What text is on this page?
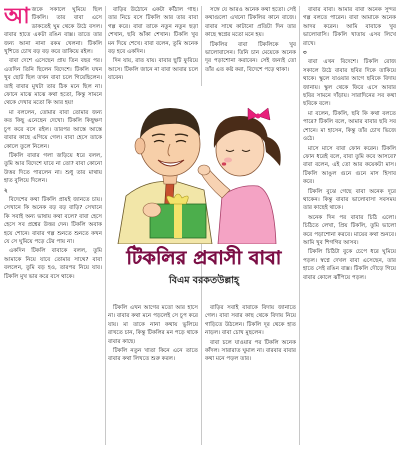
আজকে সকালে ঘুমিয়ে ছিল টিকলি। তার বাবা এসে ডাকতেই ঘুম থেকে উঠে বসল। বাবার হাতে একটা রঙিন বাক্স। তাতে তার জন্য আনা নানা রকম খেলনা। টিকলি খুশিতে চোখ বড় বড় করে তাকিয়ে রইল।

বাবা দেশে এসেছেন প্রায় তিন বছর পর। এতদিন তিনি ছিলেন বিদেশে। টিকলি যখন খুব ছোট ছিল তখন বাবা চলে গিয়েছিলেন। তাই বাবার মুখটা তার ঠিক মনে ছিল না। ফোনে মাঝে মাঝে কথা হতো, কিন্তু সামনে থেকে দেখার মতো কি আর হয়!

মা বললেন, তোমার বাবা তোমার জন্য কত কিছু এনেছেন দেখো। টিকলি কিছুক্ষণ চুপ করে বসে রইল। তারপর আস্তে আস্তে বাবার কাছে এগিয়ে গেল। বাবা হেসে তাকে কোলে তুলে নিলেন।

টিকলি বাবার গলা জড়িয়ে ধরে বলল, তুমি আর বিদেশে যাবে না তো? বাবা কোনো উত্তর দিতে পারলেন না। শুধু তার মাথায় হাত বুলিয়ে দিলেন।

২

বিদেশের কথা টিকলি প্রায়ই জানতে চায়। সেখানে কি অনেক বড় বড় বাড়ি? সেখানে কি সবাই অন্য ভাষায় কথা বলে? বাবা হেসে হেসে সব প্রশ্নের উত্তর দেন। টিকলি অবাক হয়ে শোনে। বাবার গল্প শুনতে শুনতে কখন যে সে ঘুমিয়ে পড়ে টের পায় না।

একদিন টিকলি বাবাকে বলল, তুমি আমাকে নিয়ে যাবে তোমার সাথে? বাবা বললেন, তুমি বড় হও, তারপর নিয়ে যাব। টিকলি মুখ ভার করে বসে থাকে।

বাড়ির উঠোনে একটা কাঁঠাল গাছ। তার নিচে বসে টিকলি আর তার বাবা গল্প করে। বাবা তাকে নতুন নতুন ছড়া শেখান, ছবি আঁকা শেখান। টিকলি খুব মন দিয়ে শেখে। বাবা বলেন, তুমি অনেক বড় হবে একদিন।

দিন যায়, রাত যায়। বাবার ছুটি ফুরিয়ে আসে। টিকলি জানে না বাবা আবার চলে যাবেন।

সঙ্গে যে আরও অনেক কথা হতো। সেই কথাগুলো এখনো টিকলির কানে বাজে। বাবার সাথে কাটানো প্রতিটা দিন তার কাছে স্বপ্নের মতো মনে হয়।

টিকলির বাবা টিকলিকে খুব ভালোবাসেন। তিনি চান মেয়েকে অনেক দূর পড়াশোনা করাবেন। সেই জন্যই তো তাঁর এত কষ্ট করা, বিদেশে পড়ে থাকা।

টিকলির প্রবাসী বাবা
বিএম বরকতউল্লাহ্

টিকলি এখন আগের মতো আর হাসে না। বাবার কথা মনে পড়লেই সে চুপ করে যায়। মা তাকে নানা কথায় ভুলিয়ে রাখতে চান, কিন্তু টিকলির মন পড়ে থাকে বাবার কাছে।

টিকলি নতুন খাতা কিনে এনে তাতে বাবার কথা লিখতে শুরু করল।

বাড়ির সবাই বাবাকে বিদায় জানাতে গেল। বাবা সবার কাছ থেকে বিদায় নিয়ে গাড়িতে উঠলেন। টিকলি দূর থেকে হাত নাড়ল। বাবা চোখ মুছলেন।

বাবা চলে যাওয়ার পর টিকলি অনেক কাঁদল। সারারাত ঘুমাল না। বারবার বাবার কথা মনে পড়ল তার।

বাবার বাবা। আমার বাবা অনেক সুন্দর গল্প বলতে পারেন। বাবা আমাকে অনেক আদর করেন। আমি বাবাকে খুব ভালোবাসি। টিকলি খাতায় এসব লিখে রাখে।

৩

বাবা এখন বিদেশে। টিকলি রোজ সকালে উঠে বাবার ছবির দিকে তাকিয়ে থাকে। স্কুলে যাওয়ার আগে ছবিকে বিদায় জানায়। স্কুল থেকে ফিরে এসে আবার ছবির সামনে দাঁড়ায়। সারাদিনের সব কথা ছবিকে বলে।

মা বলেন, টিকলি, ছবি কি কথা বলতে পারে? টিকলি বলে, আমার বাবার ছবি সব শোনে। মা হাসেন, কিন্তু তাঁর চোখ ভিজে ওঠে।

মাসে মাসে বাবা ফোন করেন। টিকলি ফোন ধরেই বলে, বাবা তুমি কবে আসবে? বাবা বলেন, এই তো আর কয়েকটা মাস। টিকলি আঙুল গুনে গুনে মাস হিসাব করে।

টিকলি বুঝে গেছে বাবা অনেক দূরে থাকেন। কিন্তু বাবার ভালোবাসা সবসময় তার কাছেই থাকে।

অনেক দিন পর বাবার চিঠি এলো। চিঠিতে লেখা, প্রিয় টিকলি, তুমি ভালো করে পড়াশোনা করবে। মায়ের কথা শুনবে। আমি খুব শিগগির আসব।

টিকলি চিঠিটা বুকে চেপে ধরে ঘুমিয়ে পড়ল। স্বপ্নে দেখল বাবা এসেছেন, তার হাতে সেই রঙিন বাক্স। টিকলি দৌড়ে গিয়ে বাবার কোলে ঝাঁপিয়ে পড়ল।
